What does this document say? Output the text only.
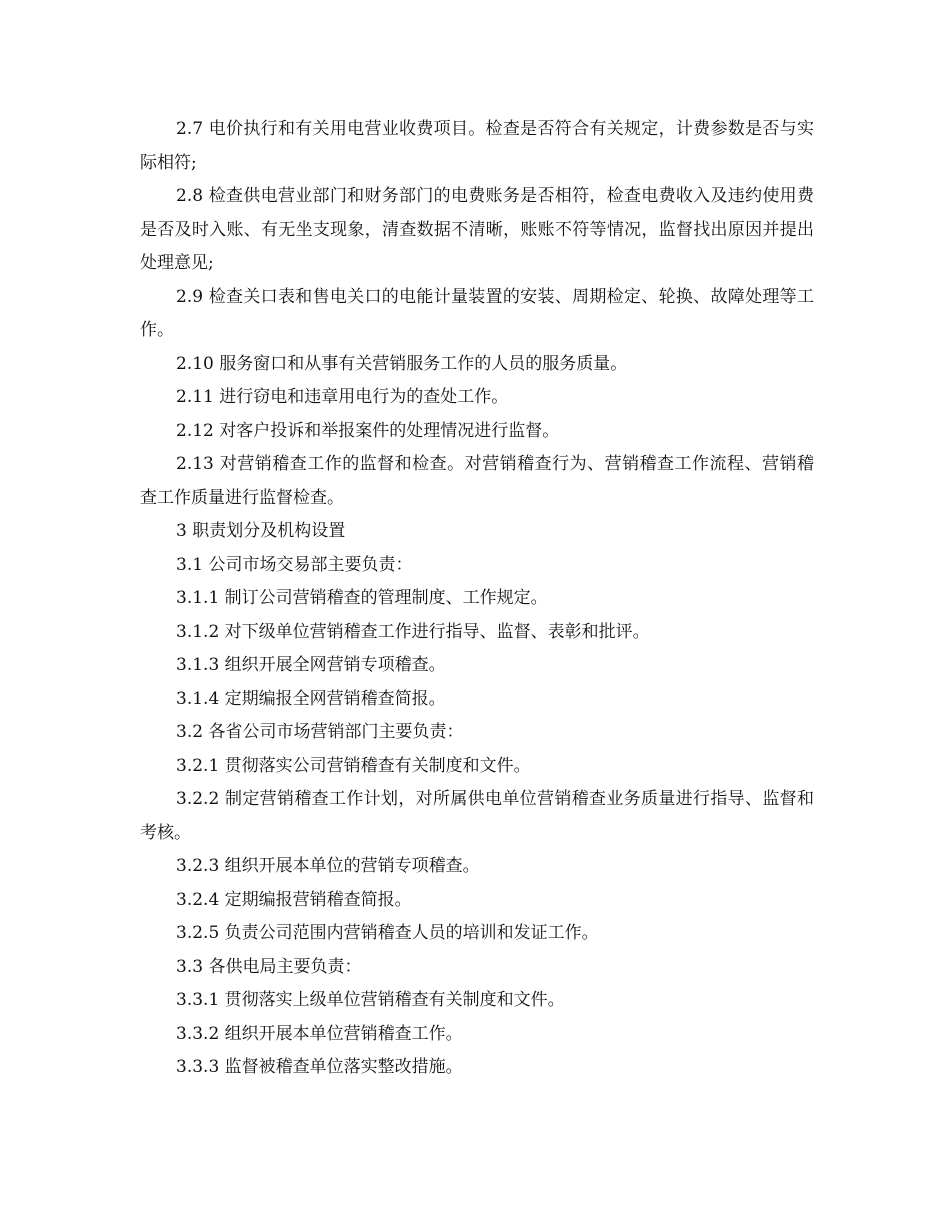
2.7 电价执行和有关用电营业收费项目。检查是否符合有关规定，计费参数是否与实际相符;

2.8 检查供电营业部门和财务部门的电费账务是否相符，检查电费收入及违约使用费是否及时入账、有无坐支现象，清查数据不清晰，账账不符等情况，监督找出原因并提出处理意见;

2.9 检查关口表和售电关口的电能计量装置的安装、周期检定、轮换、故障处理等工作。

2.10 服务窗口和从事有关营销服务工作的人员的服务质量。

2.11 进行窃电和违章用电行为的查处工作。

2.12 对客户投诉和举报案件的处理情况进行监督。

2.13 对营销稽查工作的监督和检查。对营销稽查行为、营销稽查工作流程、营销稽查工作质量进行监督检查。

3 职责划分及机构设置

3.1 公司市场交易部主要负责：

3.1.1 制订公司营销稽查的管理制度、工作规定。

3.1.2 对下级单位营销稽查工作进行指导、监督、表彰和批评。

3.1.3 组织开展全网营销专项稽查。

3.1.4 定期编报全网营销稽查简报。

3.2 各省公司市场营销部门主要负责：

3.2.1 贯彻落实公司营销稽查有关制度和文件。

3.2.2 制定营销稽查工作计划，对所属供电单位营销稽查业务质量进行指导、监督和考核。

3.2.3 组织开展本单位的营销专项稽查。

3.2.4 定期编报营销稽查简报。

3.2.5 负责公司范围内营销稽查人员的培训和发证工作。

3.3 各供电局主要负责：

3.3.1 贯彻落实上级单位营销稽查有关制度和文件。

3.3.2 组织开展本单位营销稽查工作。

3.3.3 监督被稽查单位落实整改措施。
